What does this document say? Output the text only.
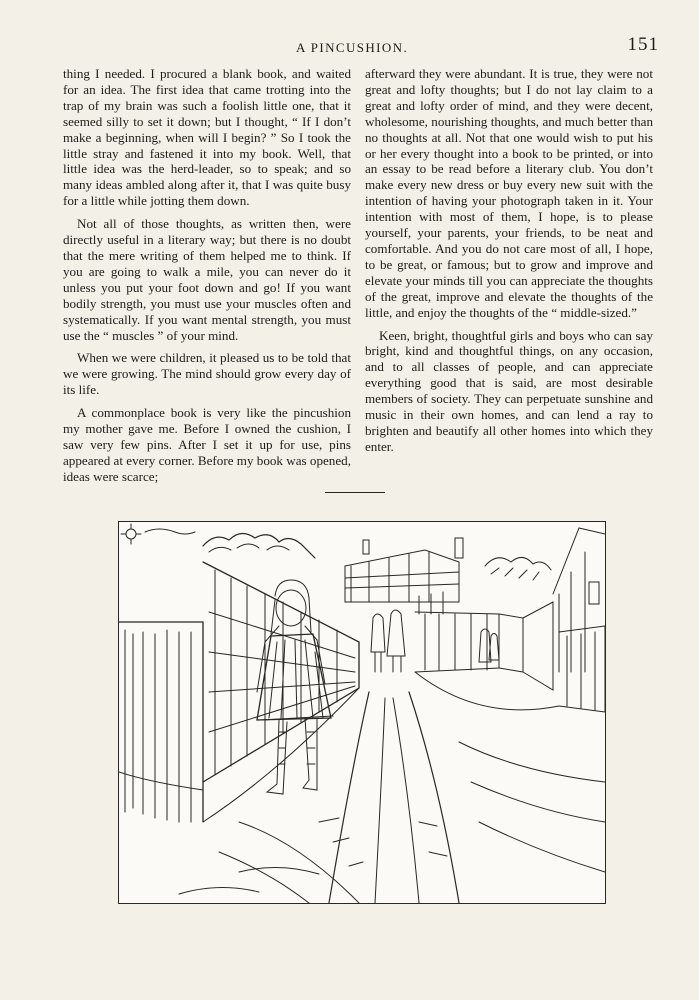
A PINCUSHION.	151

thing I needed. I procured a blank book, and waited for an idea. The first idea that came trotting into the trap of my brain was such a foolish little one, that it seemed silly to set it down; but I thought, “ If I don’t make a beginning, when will I begin? ” So I took the little stray and fastened it into my book. Well, that little idea was the herd-leader, so to speak; and so many ideas ambled along after it, that I was quite busy for a little while jotting them down.

Not all of those thoughts, as written then, were directly useful in a literary way; but there is no doubt that the mere writing of them helped me to think. If you are going to walk a mile, you can never do it unless you put your foot down and go! If you want bodily strength, you must use your muscles often and systematically. If you want mental strength, you must use the “ muscles ” of your mind.

When we were children, it pleased us to be told that we were growing. The mind should grow every day of its life.

A commonplace book is very like the pincushion my mother gave me. Before I owned the cushion, I saw very few pins. After I set it up for use, pins appeared at every corner. Before my book was opened, ideas were scarce;

afterward they were abundant. It is true, they were not great and lofty thoughts; but I do not lay claim to a great and lofty order of mind, and they were decent, wholesome, nourishing thoughts, and much better than no thoughts at all. Not that one would wish to put his or her every thought into a book to be printed, or into an essay to be read before a literary club. You don’t make every new dress or buy every new suit with the intention of having your photograph taken in it. Your intention with most of them, I hope, is to please yourself, your parents, your friends, to be neat and comfortable. And you do not care most of all, I hope, to be great, or famous; but to grow and improve and elevate your minds till you can appreciate the thoughts of the great, improve and elevate the thoughts of the little, and enjoy the thoughts of the “ middle-sized.”

Keen, bright, thoughtful girls and boys who can say bright, kind and thoughtful things, on any occasion, and to all classes of people, and can appreciate everything good that is said, are most desirable members of society. They can perpetuate sunshine and music in their own homes, and can lend a ray to brighten and beautify all other homes into which they enter.
